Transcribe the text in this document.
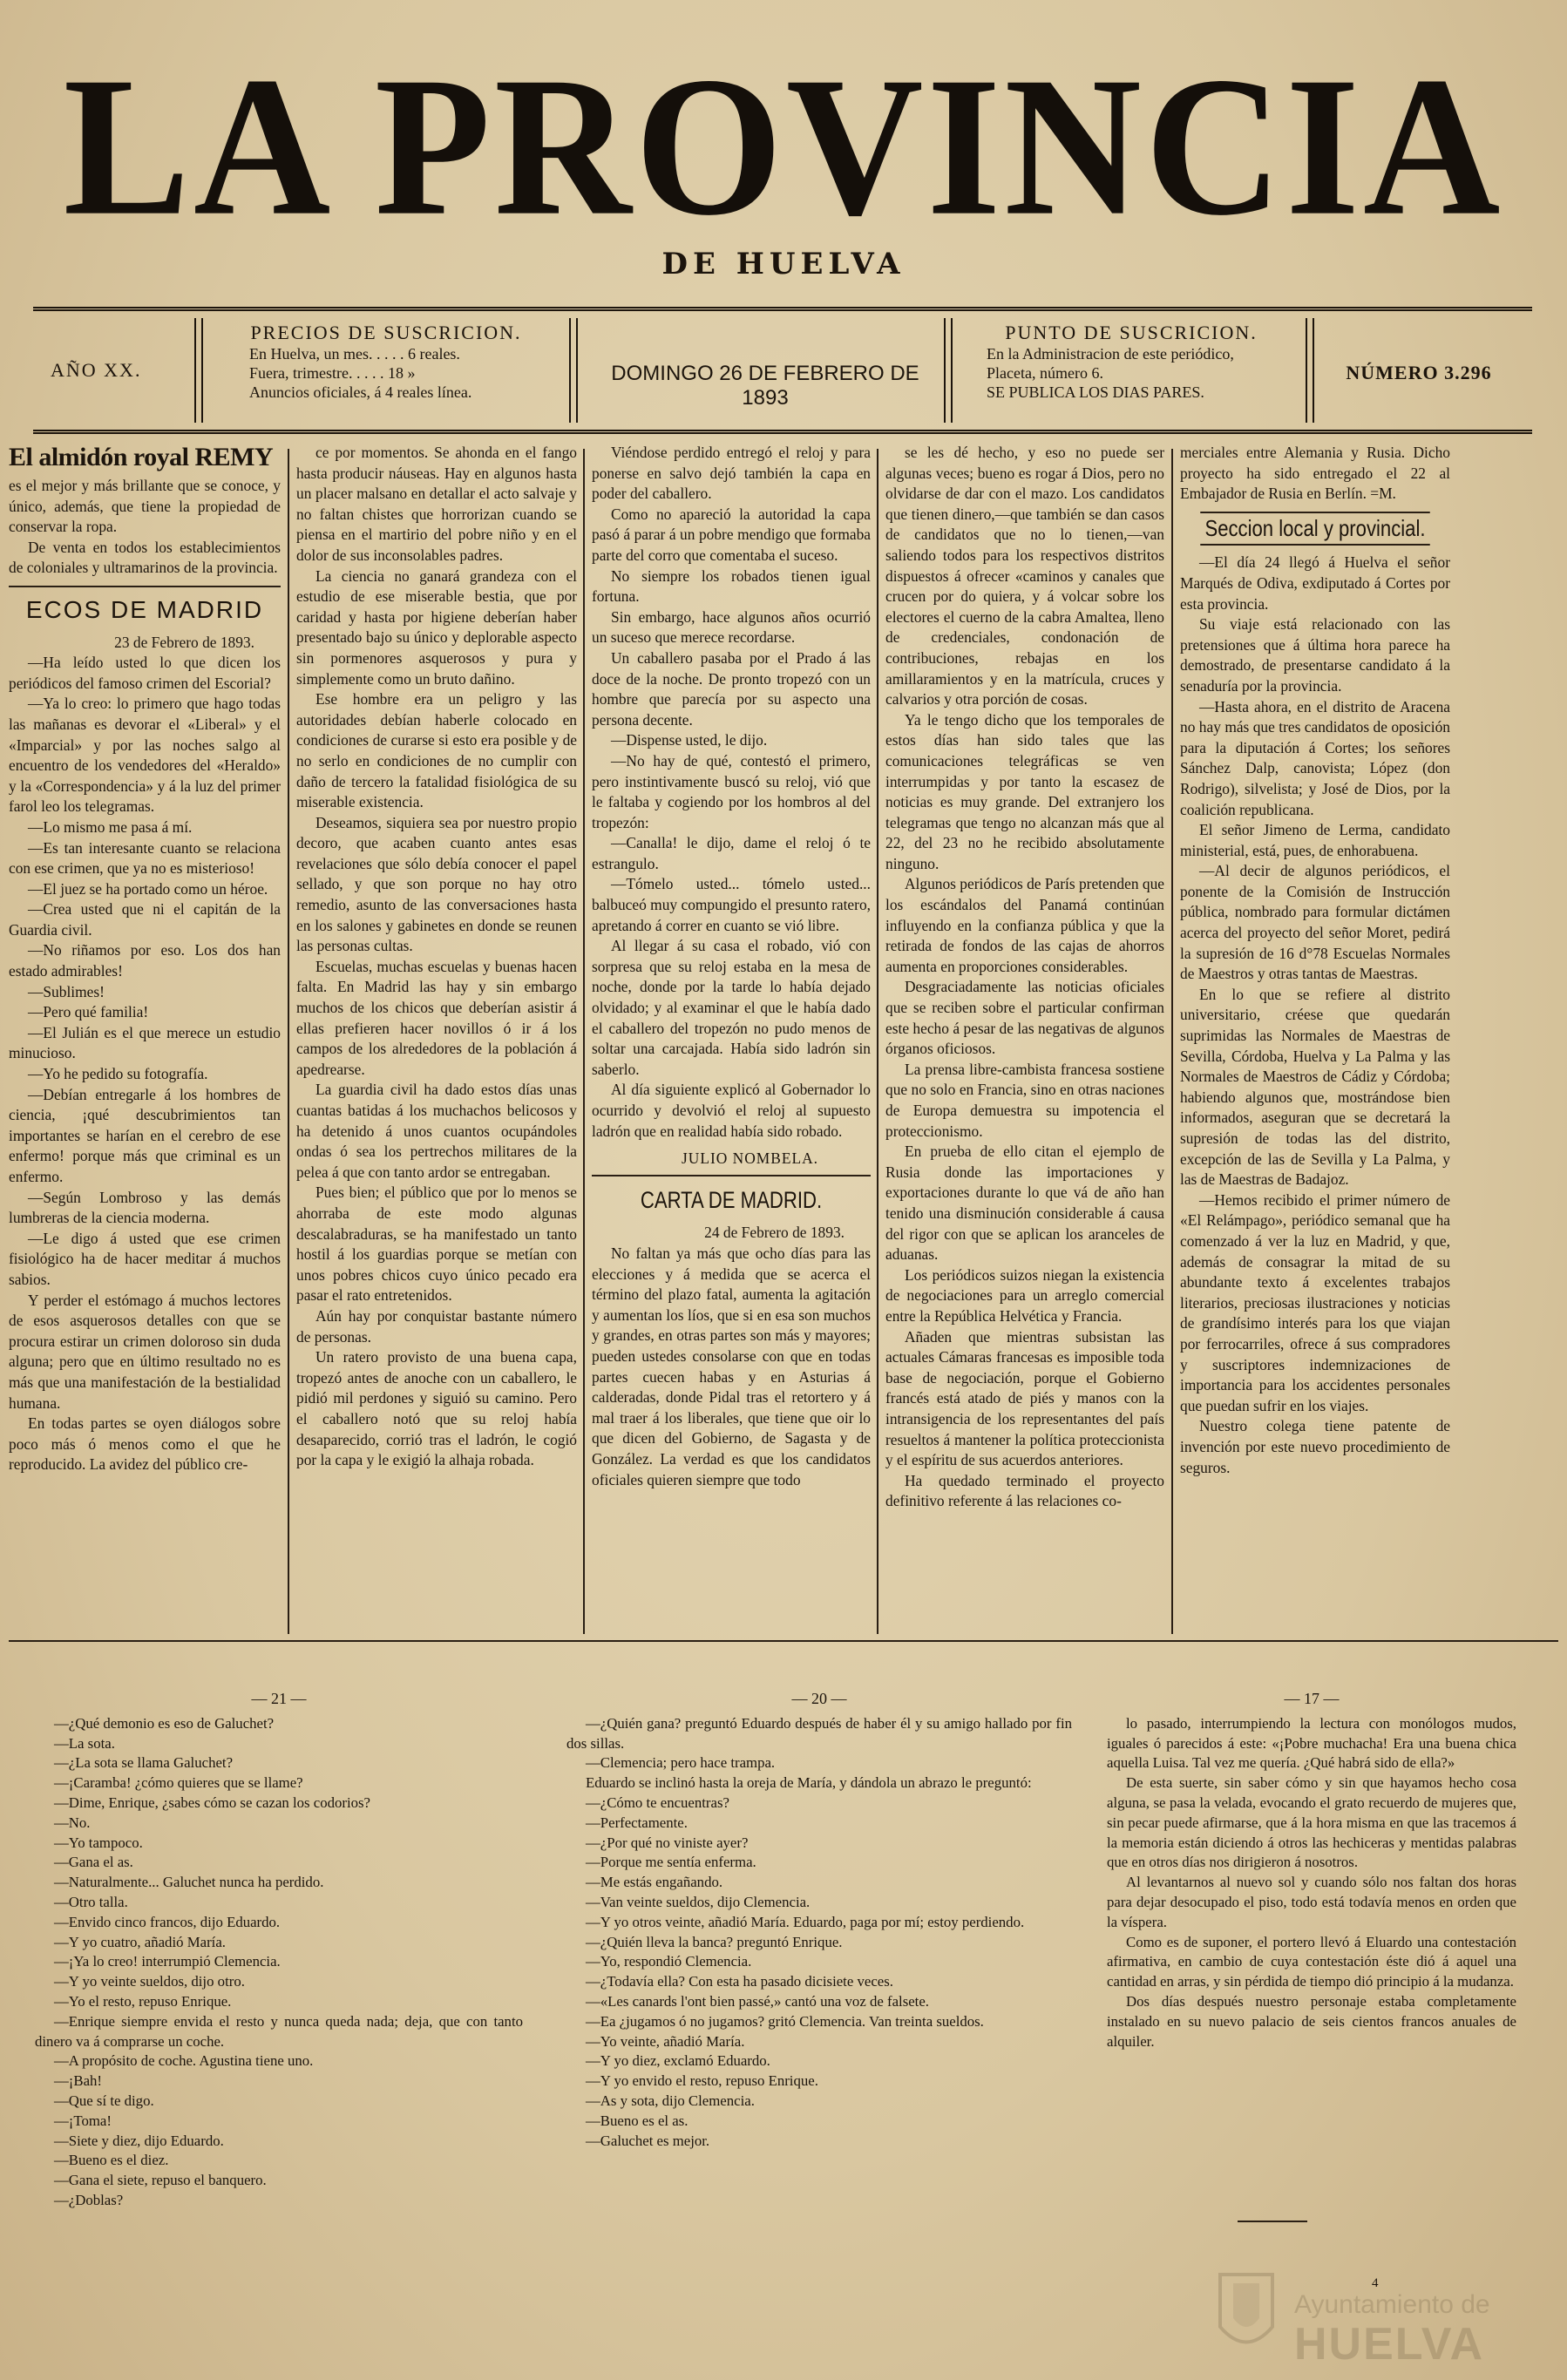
LA PROVINCIA
DE HUELVA
AÑO XX.
PRECIOS DE SUSCRICION.
En Huelva, un mes. . . . . 6 reales.
Fuera, trimestre. . . . . 18 »
Anuncios oficiales, á 4 reales línea.
DOMINGO 26 DE FEBRERO DE 1893
PUNTO DE SUSCRICION.
En la Administracion de este periódico,
Placeta, número 6.
SE PUBLICA LOS DIAS PARES.
NÚMERO 3.296

El almidón royal REMY

es el mejor y más brillante que se conoce, y único, además, que tiene la propiedad de conservar la ropa.

De venta en todos los establecimientos de coloniales y ultramarinos de la provincia.

ECOS DE MADRID

23 de Febrero de 1893.

—Ha leído usted lo que dicen los periódicos del famoso crimen del Escorial?

—Ya lo creo: lo primero que hago todas las mañanas es devorar el «Liberal» y el «Imparcial» y por las noches salgo al encuentro de los vendedores del «Heraldo» y la «Correspondencia» y á la luz del primer farol leo los telegramas.

—Lo mismo me pasa á mí.

—Es tan interesante cuanto se relaciona con ese crimen, que ya no es misterioso!

—El juez se ha portado como un héroe.

—Crea usted que ni el capitán de la Guardia civil.

—No riñamos por eso. Los dos han estado admirables!

—Sublimes!

—Pero qué familia!

—El Julián es el que merece un estudio minucioso.

—Yo he pedido su fotografía.

—Debían entregarle á los hombres de ciencia, ¡qué descubrimientos tan importantes se harían en el cerebro de ese enfermo! porque más que criminal es un enfermo.

—Según Lombroso y las demás lumbreras de la ciencia moderna.

—Le digo á usted que ese crimen fisiológico ha de hacer meditar á muchos sabios.

Y perder el estómago á muchos lectores de esos asquerosos detalles con que se procura estirar un crimen doloroso sin duda alguna; pero que en último resultado no es más que una manifestación de la bestialidad humana.

En todas partes se oyen diálogos sobre poco más ó menos como el que he reproducido. La avidez del público cre-

ce por momentos. Se ahonda en el fango hasta producir náuseas. Hay en algunos hasta un placer malsano en detallar el acto salvaje y no faltan chistes que horrorizan cuando se piensa en el martirio del pobre niño y en el dolor de sus inconsolables padres.

La ciencia no ganará grandeza con el estudio de ese miserable bestia, que por caridad y hasta por higiene deberían haber presentado bajo su único y deplorable aspecto sin pormenores asquerosos y pura y simplemente como un bruto dañino.

Ese hombre era un peligro y las autoridades debían haberle colocado en condiciones de curarse si esto era posible y de no serlo en condiciones de no cumplir con daño de tercero la fatalidad fisiológica de su miserable existencia.

Deseamos, siquiera sea por nuestro propio decoro, que acaben cuanto antes esas revelaciones que sólo debía conocer el papel sellado, y que son porque no hay otro remedio, asunto de las conversaciones hasta en los salones y gabinetes en donde se reunen las personas cultas.

Escuelas, muchas escuelas y buenas hacen falta. En Madrid las hay y sin embargo muchos de los chicos que deberían asistir á ellas prefieren hacer novillos ó ir á los campos de los alrededores de la población á apedrearse.

La guardia civil ha dado estos días unas cuantas batidas á los muchachos belicosos y ha detenido á unos cuantos ocupándoles ondas ó sea los pertrechos militares de la pelea á que con tanto ardor se entregaban.

Pues bien; el público que por lo menos se ahorraba de este modo algunas descalabraduras, se ha manifestado un tanto hostil á los guardias porque se metían con unos pobres chicos cuyo único pecado era pasar el rato entretenidos.

Aún hay por conquistar bastante número de personas.

Un ratero provisto de una buena capa, tropezó antes de anoche con un caballero, le pidió mil perdones y siguió su camino. Pero el caballero notó que su reloj había desaparecido, corrió tras el ladrón, le cogió por la capa y le exigió la alhaja robada.

Viéndose perdido entregó el reloj y para ponerse en salvo dejó también la capa en poder del caballero.

Como no apareció la autoridad la capa pasó á parar á un pobre mendigo que formaba parte del corro que comentaba el suceso.

No siempre los robados tienen igual fortuna.

Sin embargo, hace algunos años ocurrió un suceso que merece recordarse.

Un caballero pasaba por el Prado á las doce de la noche. De pronto tropezó con un hombre que parecía por su aspecto una persona decente.

—Dispense usted, le dijo.

—No hay de qué, contestó el primero, pero instintivamente buscó su reloj, vió que le faltaba y cogiendo por los hombros al del tropezón:

—Canalla! le dijo, dame el reloj ó te estrangulo.

—Tómelo usted... tómelo usted... balbuceó muy compungido el presunto ratero, apretando á correr en cuanto se vió libre.

Al llegar á su casa el robado, vió con sorpresa que su reloj estaba en la mesa de noche, donde por la tarde lo había dejado olvidado; y al examinar el que le había dado el caballero del tropezón no pudo menos de soltar una carcajada. Había sido ladrón sin saberlo.

Al día siguiente explicó al Gobernador lo ocurrido y devolvió el reloj al supuesto ladrón que en realidad había sido robado.

JULIO NOMBELA.

CARTA DE MADRID.

24 de Febrero de 1893.

No faltan ya más que ocho días para las elecciones y á medida que se acerca el término del plazo fatal, aumenta la agitación y aumentan los líos, que si en esa son muchos y grandes, en otras partes son más y mayores; pueden ustedes consolarse con que en todas partes cuecen habas y en Asturias á calderadas, donde Pidal tras el retortero y á mal traer á los liberales, que tiene que oir lo que dicen del Gobierno, de Sagasta y de González. La verdad es que los candidatos oficiales quieren siempre que todo

se les dé hecho, y eso no puede ser algunas veces; bueno es rogar á Dios, pero no olvidarse de dar con el mazo. Los candidatos que tienen dinero,—que también se dan casos de candidatos que no lo tienen,—van saliendo todos para los respectivos distritos dispuestos á ofrecer «caminos y canales que crucen por do quiera, y á volcar sobre los electores el cuerno de la cabra Amaltea, lleno de credenciales, condonación de contribuciones, rebajas en los amillaramientos y en la matrícula, cruces y calvarios y otra porción de cosas.

Ya le tengo dicho que los temporales de estos días han sido tales que las comunicaciones telegráficas se ven interrumpidas y por tanto la escasez de noticias es muy grande. Del extranjero los telegramas que tengo no alcanzan más que al 22, del 23 no he recibido absolutamente ninguno.

Algunos periódicos de París pretenden que los escándalos del Panamá continúan influyendo en la confianza pública y que la retirada de fondos de las cajas de ahorros aumenta en proporciones considerables.

Desgraciadamente las noticias oficiales que se reciben sobre el particular confirman este hecho á pesar de las negativas de algunos órganos oficiosos.

La prensa libre-cambista francesa sostiene que no solo en Francia, sino en otras naciones de Europa demuestra su impotencia el proteccionismo.

En prueba de ello citan el ejemplo de Rusia donde las importaciones y exportaciones durante lo que vá de año han tenido una disminución considerable á causa del rigor con que se aplican los aranceles de aduanas.

Los periódicos suizos niegan la existencia de negociaciones para un arreglo comercial entre la República Helvética y Francia.

Añaden que mientras subsistan las actuales Cámaras francesas es imposible toda base de negociación, porque el Gobierno francés está atado de piés y manos con la intransigencia de los representantes del país resueltos á mantener la política proteccionista y el espíritu de sus acuerdos anteriores.

Ha quedado terminado el proyecto definitivo referente á las relaciones co-

merciales entre Alemania y Rusia. Dicho proyecto ha sido entregado el 22 al Embajador de Rusia en Berlín. =M.

Seccion local y provincial.

—El día 24 llegó á Huelva el señor Marqués de Odiva, exdiputado á Cortes por esta provincia.

Su viaje está relacionado con las pretensiones que á última hora parece ha demostrado, de presentarse candidato á la senaduría por la provincia.

—Hasta ahora, en el distrito de Aracena no hay más que tres candidatos de oposición para la diputación á Cortes; los señores Sánchez Dalp, canovista; López (don Rodrigo), silvelista; y José de Dios, por la coalición republicana.

El señor Jimeno de Lerma, candidato ministerial, está, pues, de enhorabuena.

—Al decir de algunos periódicos, el ponente de la Comisión de Instrucción pública, nombrado para formular dictámen acerca del proyecto del señor Moret, pedirá la supresión de 16 d°78 Escuelas Normales de Maestros y otras tantas de Maestras.

En lo que se refiere al distrito universitario, créese que quedarán suprimidas las Normales de Maestras de Sevilla, Córdoba, Huelva y La Palma y las Normales de Maestros de Cádiz y Córdoba; habiendo algunos que, mostrándose bien informados, aseguran que se decretará la supresión de todas las del distrito, excepción de las de Sevilla y La Palma, y las de Maestras de Badajoz.

—Hemos recibido el primer número de «El Relámpago», periódico semanal que ha comenzado á ver la luz en Madrid, y que, además de consagrar la mitad de su abundante texto á excelentes trabajos literarios, preciosas ilustraciones y noticias de grandísimo interés para los que viajan por ferrocarriles, ofrece á sus compradores y suscriptores indemnizaciones de importancia para los accidentes personales que puedan sufrir en los viajes.

Nuestro colega tiene patente de invención por este nuevo procedimiento de seguros.

— 21 —

—¿Qué demonio es eso de Galuchet?

—La sota.

—¿La sota se llama Galuchet?

—¡Caramba! ¿cómo quieres que se llame?

—Dime, Enrique, ¿sabes cómo se cazan los codorios?

—No.

—Yo tampoco.

—Gana el as.

—Naturalmente... Galuchet nunca ha perdido.

—Otro talla.

—Envido cinco francos, dijo Eduardo.

—Y yo cuatro, añadió María.

—¡Ya lo creo! interrumpió Clemencia.

—Y yo veinte sueldos, dijo otro.

—Yo el resto, repuso Enrique.

—Enrique siempre envida el resto y nunca queda nada; deja, que con tanto dinero va á comprarse un coche.

—A propósito de coche. Agustina tiene uno.

—¡Bah!

—Que sí te digo.

—¡Toma!

—Siete y diez, dijo Eduardo.

—Bueno es el diez.

—Gana el siete, repuso el banquero.

—¿Doblas?

— 20 —

—¿Quién gana? preguntó Eduardo después de haber él y su amigo hallado por fin dos sillas.

—Clemencia; pero hace trampa.

Eduardo se inclinó hasta la oreja de María, y dándola un abrazo le preguntó:

—¿Cómo te encuentras?

—Perfectamente.

—¿Por qué no viniste ayer?

—Porque me sentía enferma.

—Me estás engañando.

—Van veinte sueldos, dijo Clemencia.

—Y yo otros veinte, añadió María. Eduardo, paga por mí; estoy perdiendo.

—¿Quién lleva la banca? preguntó Enrique.

—Yo, respondió Clemencia.

—¿Todavía ella? Con esta ha pasado dicisiete veces.

—«Les canards l'ont bien passé,» cantó una voz de falsete.

—Ea ¿jugamos ó no jugamos? gritó Clemencia. Van treinta sueldos.

—Yo veinte, añadió María.

—Y yo diez, exclamó Eduardo.

—Y yo envido el resto, repuso Enrique.

—As y sota, dijo Clemencia.

—Bueno es el as.

—Galuchet es mejor.

— 17 —

lo pasado, interrumpiendo la lectura con monólogos mudos, iguales ó parecidos á este: «¡Pobre muchacha! Era una buena chica aquella Luisa. Tal vez me quería. ¿Qué habrá sido de ella?»

De esta suerte, sin saber cómo y sin que hayamos hecho cosa alguna, se pasa la velada, evocando el grato recuerdo de mujeres que, sin pecar puede afirmarse, que á la hora misma en que las tracemos á la memoria están diciendo á otros las hechiceras y mentidas palabras que en otros días nos dirigieron á nosotros.

Al levantarnos al nuevo sol y cuando sólo nos faltan dos horas para dejar desocupado el piso, todo está todavía menos en orden que la víspera.

Como es de suponer, el portero llevó á Eluardo una contestación afirmativa, en cambio de cuya contestación éste dió á aquel una cantidad en arras, y sin pérdida de tiempo dió principio á la mudanza.

Dos días después nuestro personaje estaba completamente instalado en su nuevo palacio de seis cientos francos anuales de alquiler.

4
Ayuntamiento de
HUELVA
